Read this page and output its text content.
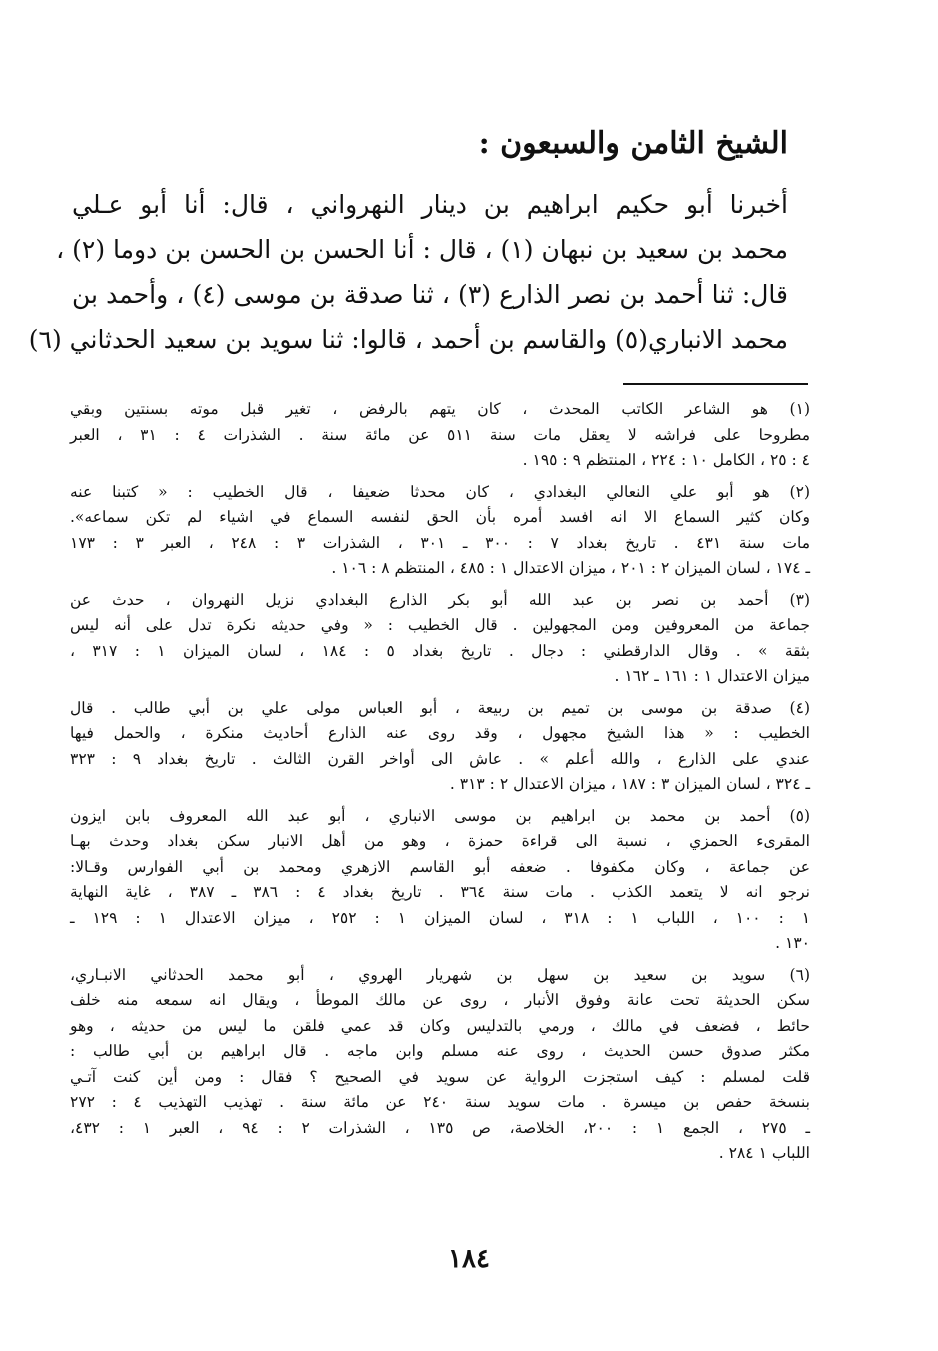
الشيخ الثامن والسبعون :
أخبرنا أبو حكيم ابراهيم بن دينار النهرواني ، قال: أنا أبو عـلي
محمد بن سعيد بن نبهان (١) ، قال : أنا الحسن بن الحسن بن دوما (٢) ،
قال: ثنا أحمد بن نصر الذارع (٣) ، ثنا صدقة بن موسى (٤) ، وأحمد بن
محمد الانباري(٥) والقاسم بن أحمد ، قالوا: ثنا سويد بن سعيد الحدثاني (٦)
(١) هو الشاعر الكاتب المحدث ، كان يتهم بالرفض ، تغير قبل موته بسنتين وبقي
مطروحا على فراشه لا يعقل مات سنة ٥١١ عن مائة سنة . الشذرات ٤ : ٣١ ، العبر
٤ : ٢٥ ، الكامل ١٠ : ٢٢٤ ، المنتظم ٩ : ١٩٥ .
(٢) هو أبو علي النعالي البغدادي ، كان محدثا ضعيفا ، قال الخطيب : « كتبنا عنه
وكان كثير السماع الا انه افسد أمره بأن الحق لنفسه السماع في اشياء لم تكن سماعه».
مات سنة ٤٣١ . تاريخ بغداد ٧ : ٣٠٠ ـ ٣٠١ ، الشذرات ٣ : ٢٤٨ ، العبر ٣ : ١٧٣
ـ ١٧٤ ، لسان الميزان ٢ : ٢٠١ ، ميزان الاعتدال ١ : ٤٨٥ ، المنتظم ٨ : ١٠٦ .
(٣) أحمد بن نصر بن عبد الله أبو بكر الذارع البغدادي نزيل النهروان ، حدث عن
جماعة من المعروفين ومن المجهولين . قال الخطيب : « وفي حديثه نكرة تدل على أنه ليس
بثقة » . وقال الدارقطني : دجال . تاريخ بغداد ٥ : ١٨٤ ، لسان الميزان ١ : ٣١٧ ،
ميزان الاعتدال ١ : ١٦١ ـ ١٦٢ .
(٤) صدقة بن موسى بن تميم بن ربيعة ، أبو العباس مولى علي بن أبي طالب . قال
الخطيب : « هذا الشيخ مجهول ، وقد روى عنه الذارع أحاديث منكرة ، والحمل فيها
عندي على الذارع ، والله أعلم » . عاش الى أواخر القرن الثالث . تاريخ بغداد ٩ : ٣٢٣
ـ ٣٢٤ ، لسان الميزان ٣ : ١٨٧ ، ميزان الاعتدال ٢ : ٣١٣ .
(٥) أحمد بن محمد بن ابراهيم بن موسى الانباري ، أبو عبد الله المعروف بابن ايزون
المقرىء الحمزي ، نسبة الى قراءة حمزة ، وهو من أهل الانبار سكن بغداد وحدث بهـا
عن جماعة ، وكان مكفوفا . ضعفه أبو القاسم الازهري ومحمد بن أبي الفوارس وقـالا:
نرجو انه لا يتعمد الكذب . مات سنة ٣٦٤ . تاريخ بغداد ٤ : ٣٨٦ ـ ٣٨٧ ، غاية النهاية
١ : ١٠٠ ، اللباب ١ : ٣١٨ ، لسان الميزان ١ : ٢٥٢ ، ميزان الاعتدال ١ : ١٢٩ ـ
١٣٠ .
(٦) سويد بن سعيد بن سهل بن شهريار الهروي ، أبو محمد الحدثاني الانبـاري،
سكن الحديثة تحت عانة وفوق الأنبار ، روى عن مالك الموطأ ، ويقال انه سمعه منه خلف
حائط ، فضعف في مالك ، ورمي بالتدليس وكان قد عمي فلقن ما ليس من حديثه ، وهو
مكثر صدوق حسن الحديث ، روى عنه مسلم وابن ماجه . قال ابراهيم بن أبي طالب :
قلت لمسلم : كيف استجزت الرواية عن سويد في الصحيح ؟ فقال : ومن أين كنت آتـي
بنسخة حفص بن ميسرة . مات سويد سنة ٢٤٠ عن مائة سنة . تهذيب التهذيب ٤ : ٢٧٢
ـ ٢٧٥ ، الجمع ١ : ٢٠٠، الخلاصة، ص ١٣٥ ، الشذرات ٢ : ٩٤ ، العبر ١ : ٤٣٢،
اللباب ١ ٢٨٤ .
١٨٤
